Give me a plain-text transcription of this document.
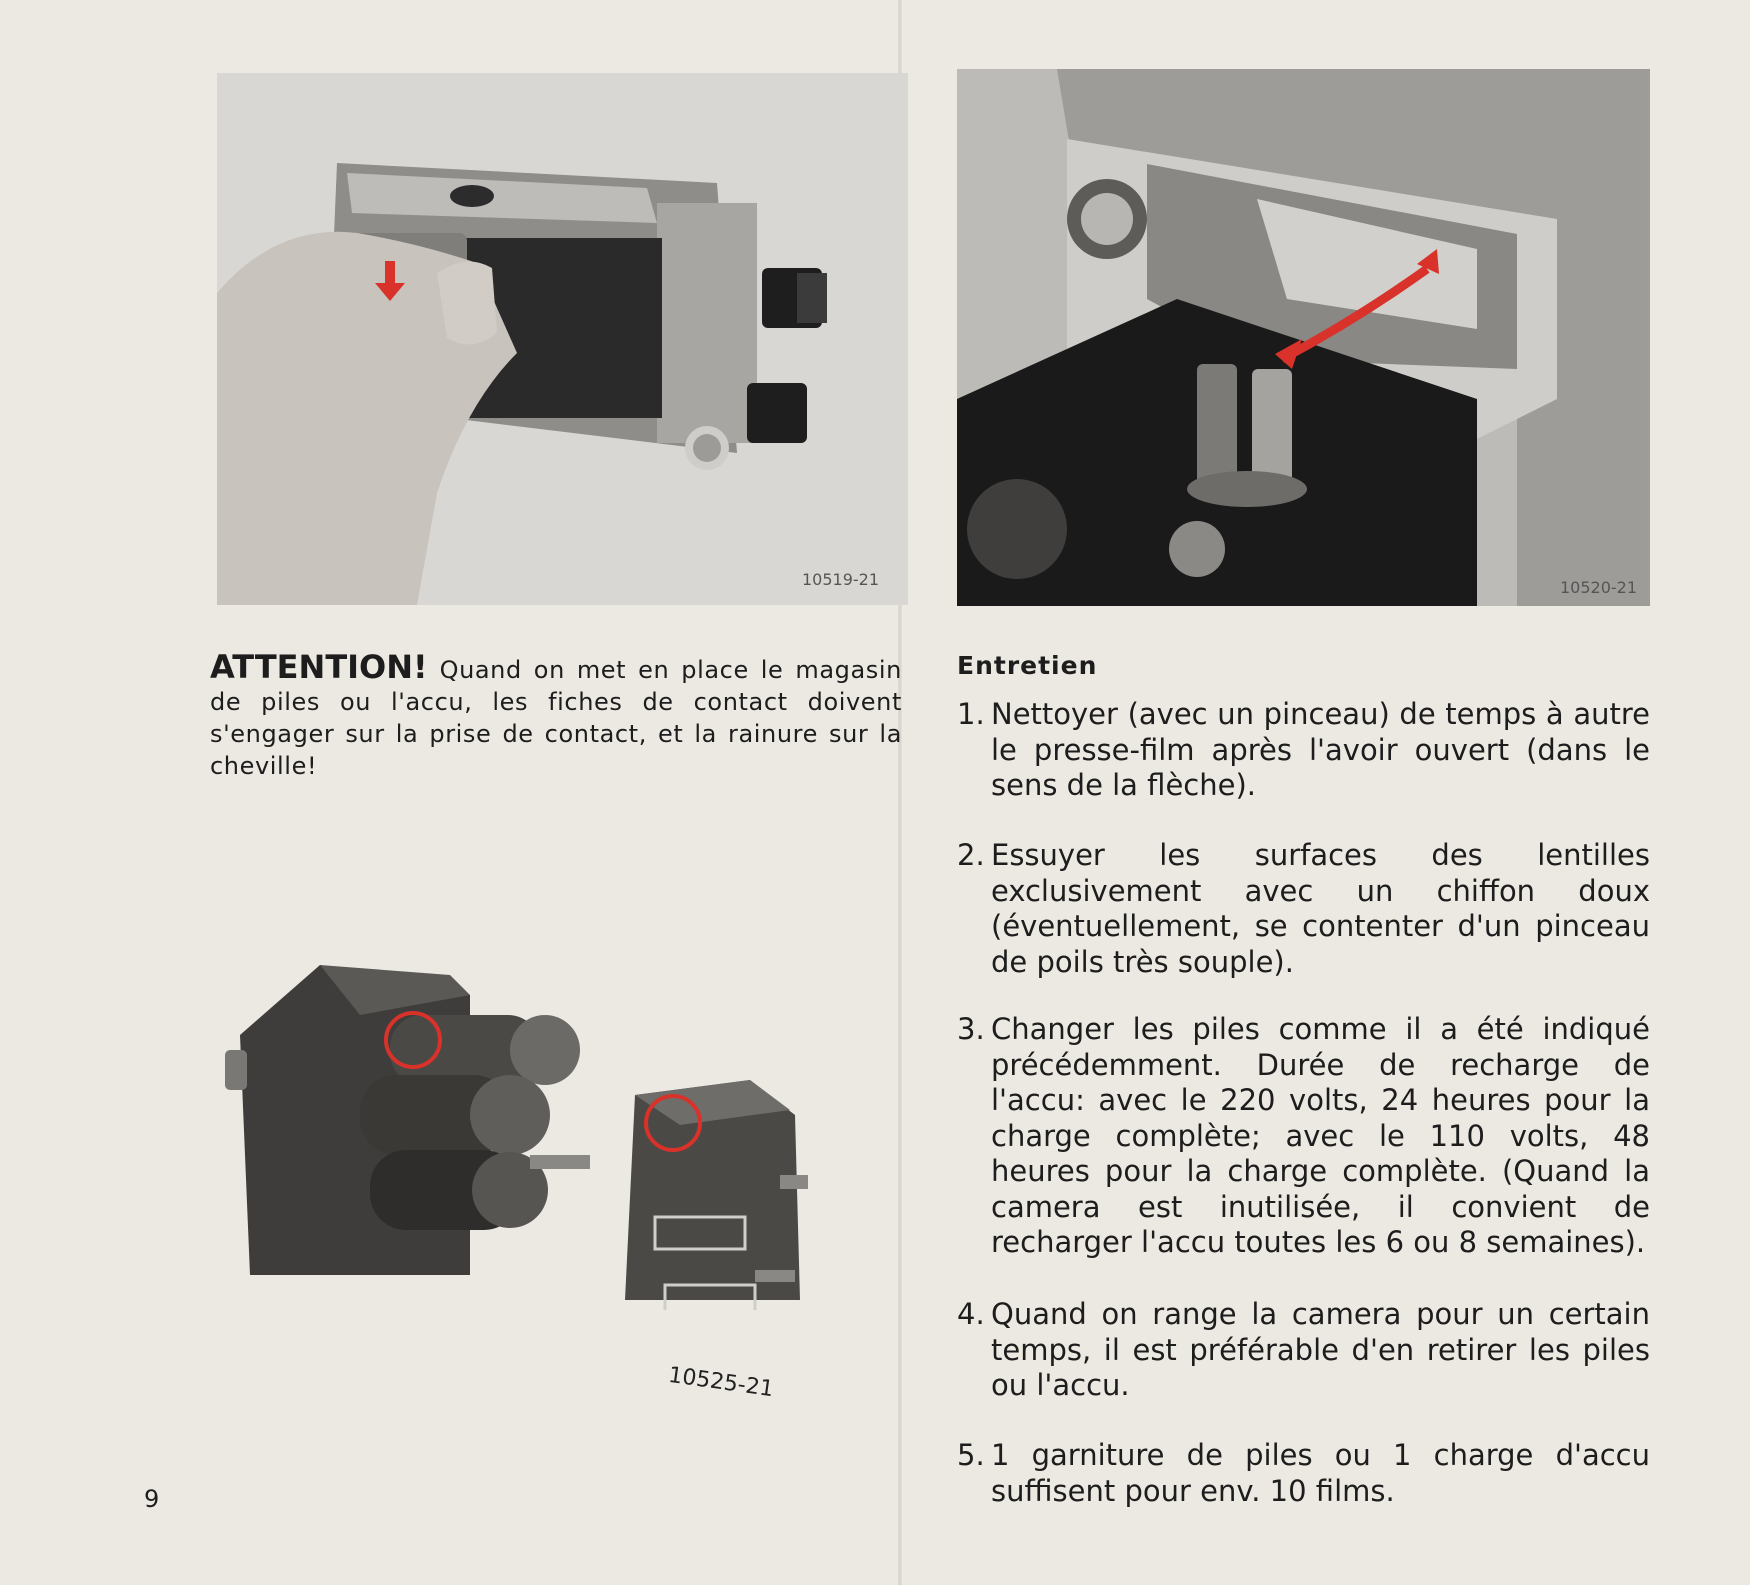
10519-21	10520-21
ATTENTION! Quand on met en place le magasin de piles ou l'accu, les fiches de contact doivent s'engager sur la prise de contact, et la rainure sur la cheville!
10525-21
Entretien
1. Nettoyer (avec un pinceau) de temps à autre le presse-film après l'avoir ouvert (dans le sens de la flèche).
2. Essuyer les surfaces des lentilles exclusivement avec un chiffon doux (éventuellement, se contenter d'un pinceau de poils très souple).
3. Changer les piles comme il a été indiqué précédemment. Durée de recharge de l'accu: avec le 220 volts, 24 heures pour la charge complète; avec le 110 volts, 48 heures pour la charge complète. (Quand la camera est inutilisée, il convient de recharger l'accu toutes les 6 ou 8 semaines).
4. Quand on range la camera pour un certain temps, il est préférable d'en retirer les piles ou l'accu.
5. 1 garniture de piles ou 1 charge d'accu suffisent pour env. 10 films.
9
